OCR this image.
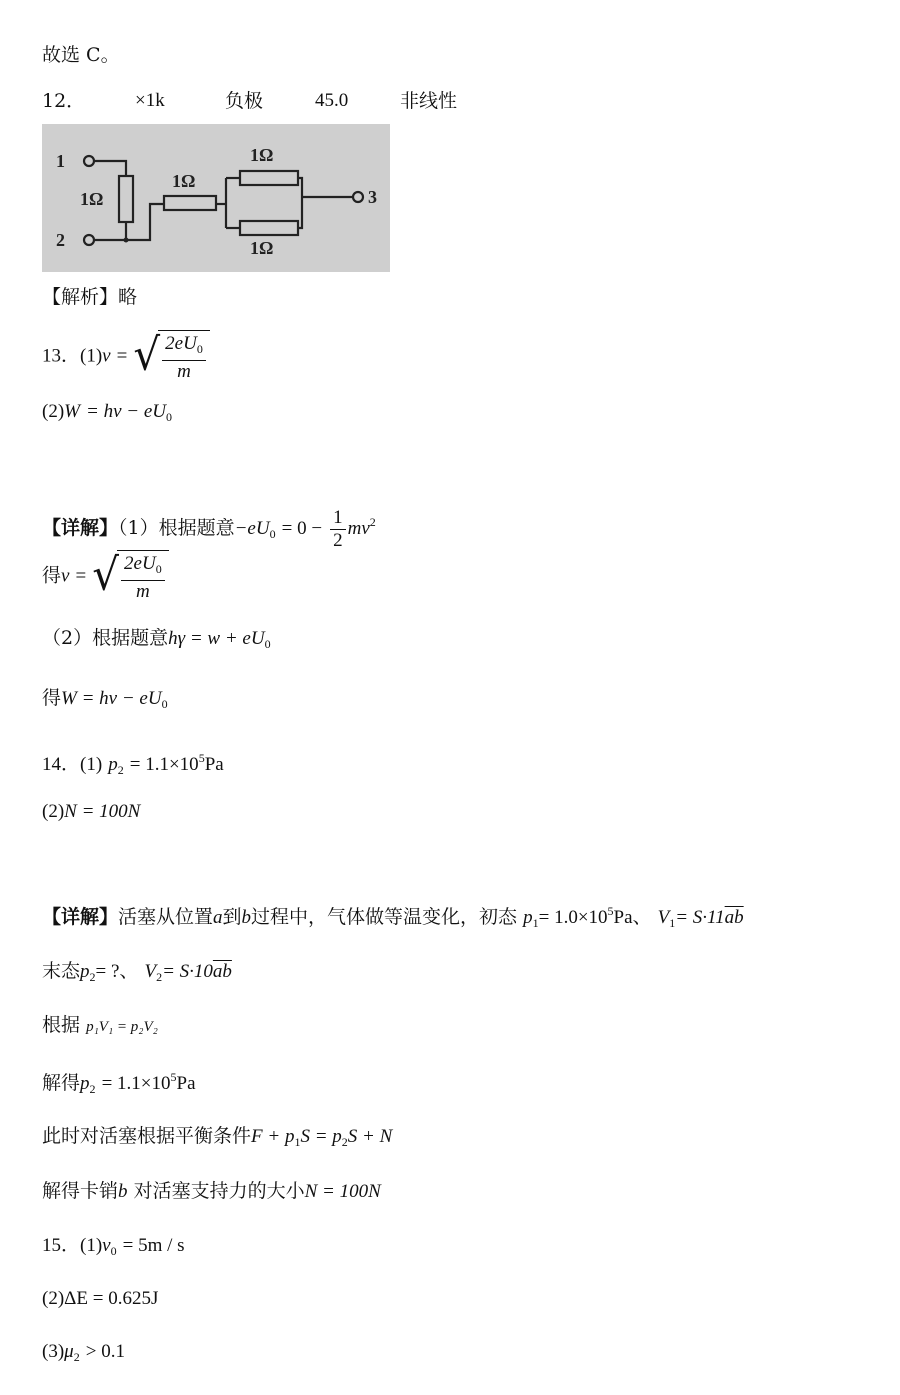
故选 C。
12．	×1k	负极	45.0	非线性
1
2
3
1Ω
1Ω
1Ω
1Ω
【解析】略
13．(1)v = √ $\frac{2eU_0}{m}$
$(2)W = h\nu - eU_0$
【详解】（1）根据题意$-eU_0 = 0 - \frac{1}{2} mv^2$
得v = √ $\frac{2eU_0}{m}$
（2）根据题意$h\gamma = w + eU_0$
得$W = h\nu - eU_0$
14．(1) $p_2 = 1.1\times 10^5Pa$
(2)N = 100N
【详解】活塞从位置a到b过程中，气体做等温变化，初态 $p_1= 1.0\times 10^5Pa$、 $V_1= S\cdot 11\overline{ab}$
末态$p_2=$ ?、 $V_2= S\cdot 10\overline{ab}$
根据 p₁V₁ = p₂V₂
解得$p_2 = 1.1\times 10^5Pa$
此时对活塞根据平衡条件$F + p_1S = p_2S + N$
解得卡销b 对活塞支持力的大小N = 100N
15．$(1)v_0 = 5m / s$
(2)ΔE = 0.625J
$(3)\mu_2 > 0.1$
